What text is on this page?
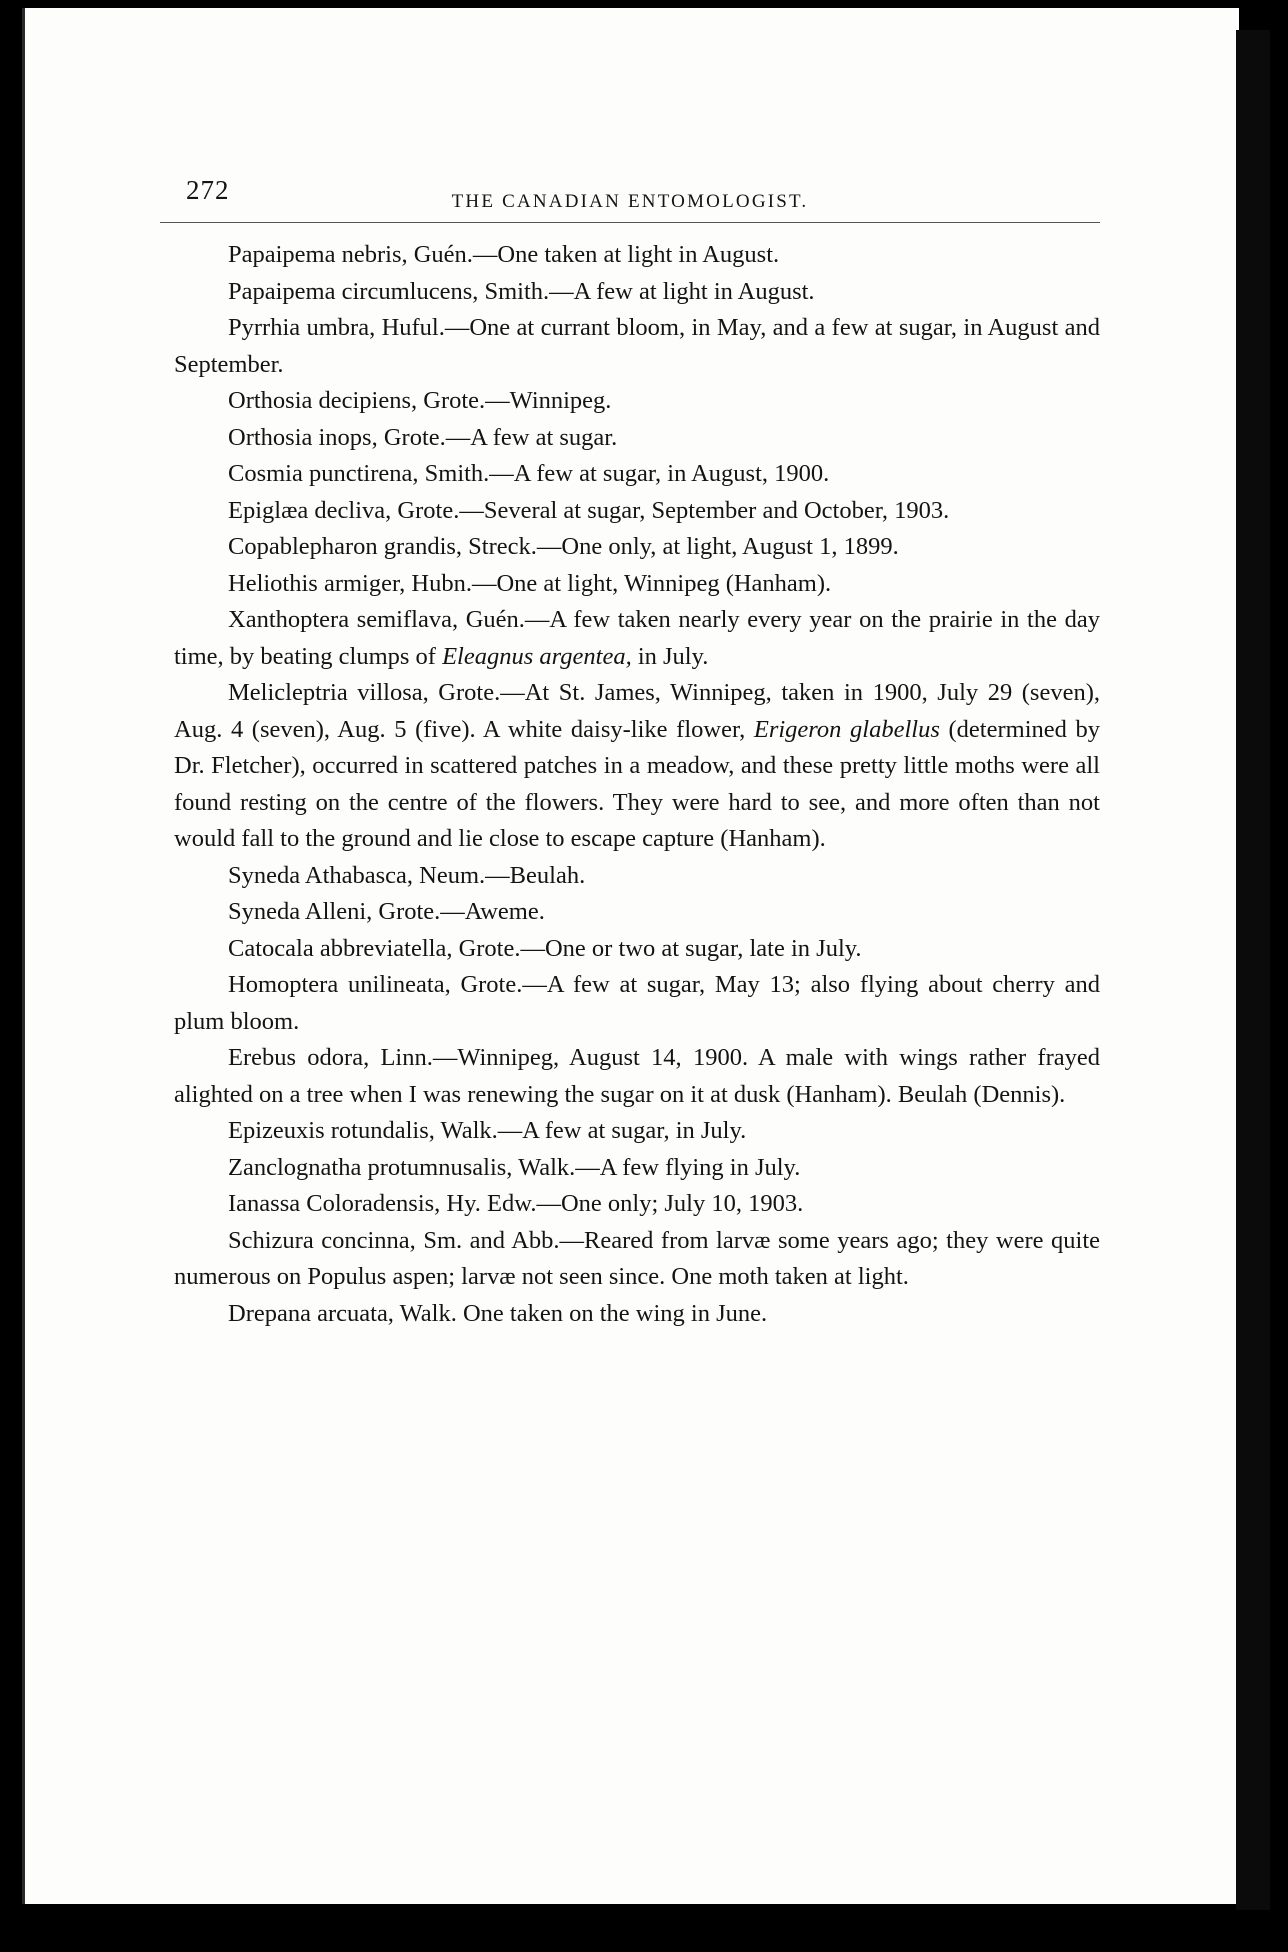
272	THE CANADIAN ENTOMOLOGIST.

Papaipema nebris, Guén.—One taken at light in August.

Papaipema circumlucens, Smith.—A few at light in August.

Pyrrhia umbra, Huful.—One at currant bloom, in May, and a few at sugar, in August and September.

Orthosia decipiens, Grote.—Winnipeg.

Orthosia inops, Grote.—A few at sugar.

Cosmia punctirena, Smith.—A few at sugar, in August, 1900.

Epiglæa decliva, Grote.—Several at sugar, September and October, 1903.

Copablepharon grandis, Streck.—One only, at light, August 1, 1899.

Heliothis armiger, Hubn.—One at light, Winnipeg (Hanham).

Xanthoptera semiflava, Guén.—A few taken nearly every year on the prairie in the day time, by beating clumps of Eleagnus argentea, in July.

Melicleptria villosa, Grote.—At St. James, Winnipeg, taken in 1900, July 29 (seven), Aug. 4 (seven), Aug. 5 (five). A white daisy-like flower, Erigeron glabellus (determined by Dr. Fletcher), occurred in scattered patches in a meadow, and these pretty little moths were all found resting on the centre of the flowers. They were hard to see, and more often than not would fall to the ground and lie close to escape capture (Hanham).

Syneda Athabasca, Neum.—Beulah.

Syneda Alleni, Grote.—Aweme.

Catocala abbreviatella, Grote.—One or two at sugar, late in July.

Homoptera unilineata, Grote.—A few at sugar, May 13; also flying about cherry and plum bloom.

Erebus odora, Linn.—Winnipeg, August 14, 1900. A male with wings rather frayed alighted on a tree when I was renewing the sugar on it at dusk (Hanham). Beulah (Dennis).

Epizeuxis rotundalis, Walk.—A few at sugar, in July.

Zanclognatha protumnusalis, Walk.—A few flying in July.

Ianassa Coloradensis, Hy. Edw.—One only; July 10, 1903.

Schizura concinna, Sm. and Abb.—Reared from larvæ some years ago; they were quite numerous on Populus aspen; larvæ not seen since. One moth taken at light.

Drepana arcuata, Walk. One taken on the wing in June.
